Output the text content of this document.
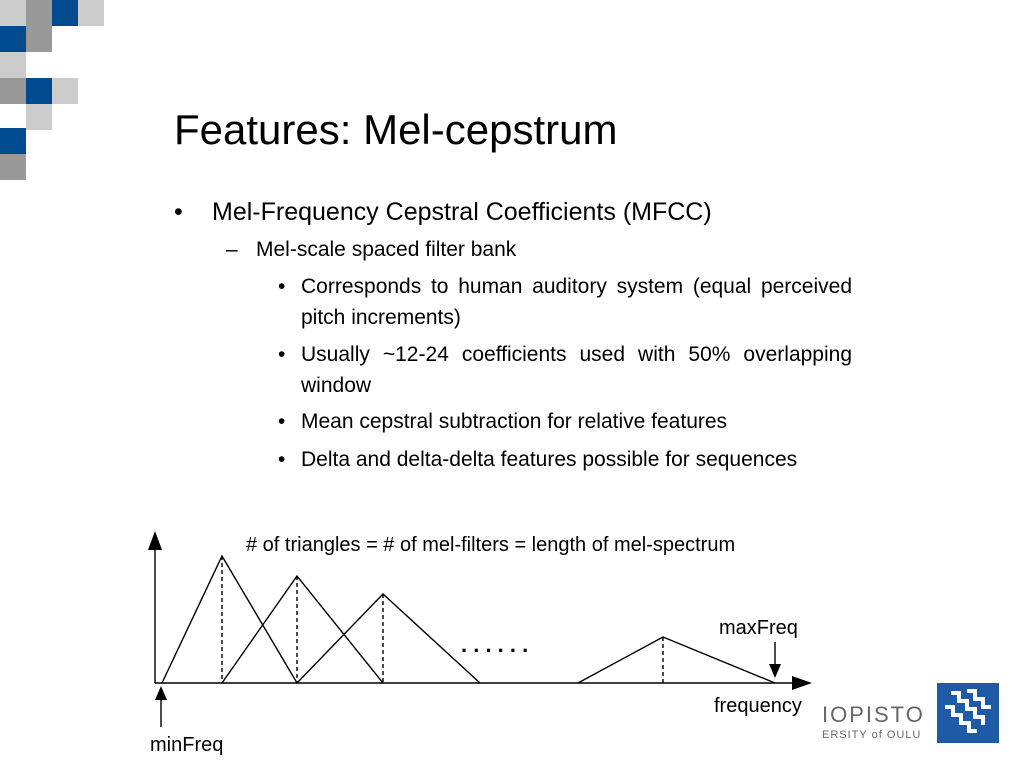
Features: Mel-cepstrum
• Mel-Frequency Cepstral Coefficients (MFCC)
– Mel-scale spaced filter bank
• Corresponds to human auditory system (equal perceived pitch increments)
• Usually ~12-24 coefficients used with 50% overlapping window
• Mean cepstral subtraction for relative features
• Delta and delta-delta features possible for sequences
# of triangles = # of mel-filters = length of mel-spectrum
. . . . . .
maxFreq
frequency
minFreq
IOPISTO
ERSITY of OULU
